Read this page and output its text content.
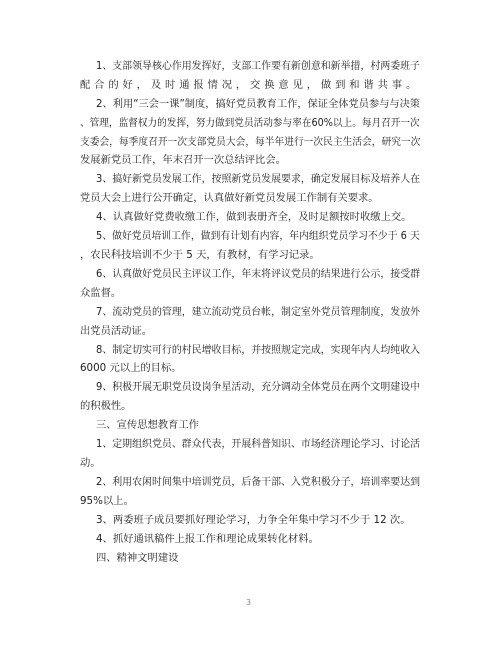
1、支部领导核心作用发挥好，支部工作要有新创意和新举措，村两委班子
配合的好，及时通报情况，交换意见，做到和谐共事。
2、利用“三会一课”制度，搞好党员教育工作，保证全体党员参与与决策
、管理，监督权力的发挥，努力做到党员活动参与率在60%以上。每月召开一次
支委会，每季度召开一次支部党员大会，每半年进行一次民主生活会，研究一次
发展新党员工作，年末召开一次总结评比会。
3、搞好新党员发展工作，按照新党员发展要求，确定发展目标及培养人在
党员大会上进行公开确定，认真做好新党员发展工作制有关要求。
4、认真做好党费收缴工作，做到表册齐全，及时足额按时收缴上交。
5、做好党员培训工作，做到有计划有内容，年内组织党员学习不少于 6 天
，农民科技培训不少于 5 天，有教材，有学习记录。
6、认真做好党员民主评议工作，年末将评议党员的结果进行公示，接受群
众监督。
7、流动党员的管理，建立流动党员台帐，制定室外党员管理制度，发放外
出党员活动证。
8、制定切实可行的村民增收目标，并按照规定完成，实现年内人均纯收入
6000 元以上的目标。
9、积极开展无职党员设岗争星活动，充分调动全体党员在两个文明建设中
的积极性。
三、宣传思想教育工作
1、定期组织党员、群众代表，开展科普知识、市场经济理论学习、讨论活
动。
2、利用农闲时间集中培训党员，后备干部、入党积极分子，培训率要达到
95%以上。
3、两委班子成员要抓好理论学习，力争全年集中学习不少于 12 次。
4、抓好通讯稿件上报工作和理论成果转化材料。
四、精神文明建设
3
